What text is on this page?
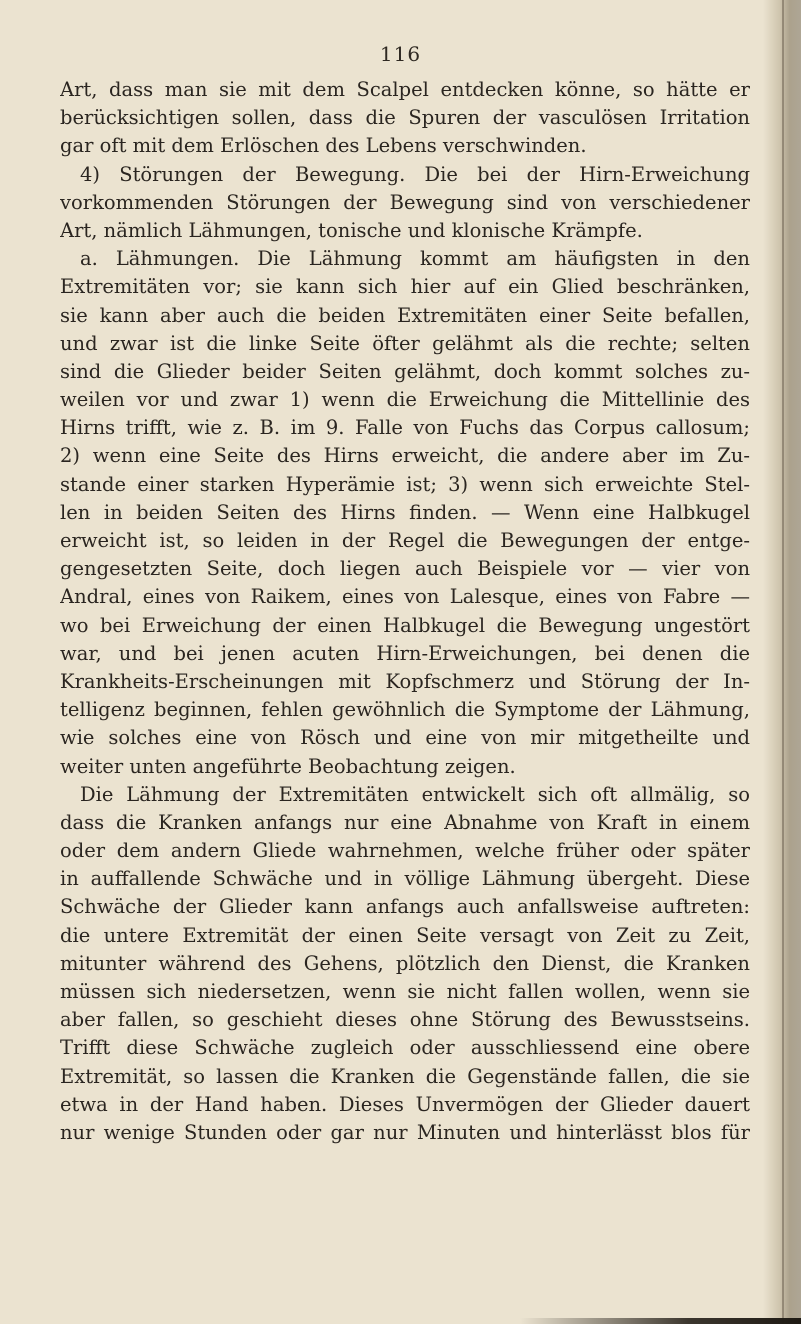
116
Art, dass man sie mit dem Scalpel entdecken könne, so hätte er
berücksichtigen sollen, dass die Spuren der vasculösen Irritation
gar oft mit dem Erlöschen des Lebens verschwinden.
4) Störungen der Bewegung. Die bei der Hirn-Erweichung
vorkommenden Störungen der Bewegung sind von verschiedener
Art, nämlich Lähmungen, tonische und klonische Krämpfe.
a. Lähmungen. Die Lähmung kommt am häufigsten in den
Extremitäten vor; sie kann sich hier auf ein Glied beschränken,
sie kann aber auch die beiden Extremitäten einer Seite befallen,
und zwar ist die linke Seite öfter gelähmt als die rechte; selten
sind die Glieder beider Seiten gelähmt, doch kommt solches zu-
weilen vor und zwar 1) wenn die Erweichung die Mittellinie des
Hirns trifft, wie z. B. im 9. Falle von Fuchs das Corpus callosum;
2) wenn eine Seite des Hirns erweicht, die andere aber im Zu-
stande einer starken Hyperämie ist; 3) wenn sich erweichte Stel-
len in beiden Seiten des Hirns finden. — Wenn eine Halbkugel
erweicht ist, so leiden in der Regel die Bewegungen der entge-
gengesetzten Seite, doch liegen auch Beispiele vor — vier von
Andral, eines von Raikem, eines von Lalesque, eines von Fabre —
wo bei Erweichung der einen Halbkugel die Bewegung ungestört
war, und bei jenen acuten Hirn-Erweichungen, bei denen die
Krankheits-Erscheinungen mit Kopfschmerz und Störung der In-
telligenz beginnen, fehlen gewöhnlich die Symptome der Lähmung,
wie solches eine von Rösch und eine von mir mitgetheilte und
weiter unten angeführte Beobachtung zeigen.
Die Lähmung der Extremitäten entwickelt sich oft allmälig, so
dass die Kranken anfangs nur eine Abnahme von Kraft in einem
oder dem andern Gliede wahrnehmen, welche früher oder später
in auffallende Schwäche und in völlige Lähmung übergeht. Diese
Schwäche der Glieder kann anfangs auch anfallsweise auftreten:
die untere Extremität der einen Seite versagt von Zeit zu Zeit,
mitunter während des Gehens, plötzlich den Dienst, die Kranken
müssen sich niedersetzen, wenn sie nicht fallen wollen, wenn sie
aber fallen, so geschieht dieses ohne Störung des Bewusstseins.
Trifft diese Schwäche zugleich oder ausschliessend eine obere
Extremität, so lassen die Kranken die Gegenstände fallen, die sie
etwa in der Hand haben. Dieses Unvermögen der Glieder dauert
nur wenige Stunden oder gar nur Minuten und hinterlässt blos für
